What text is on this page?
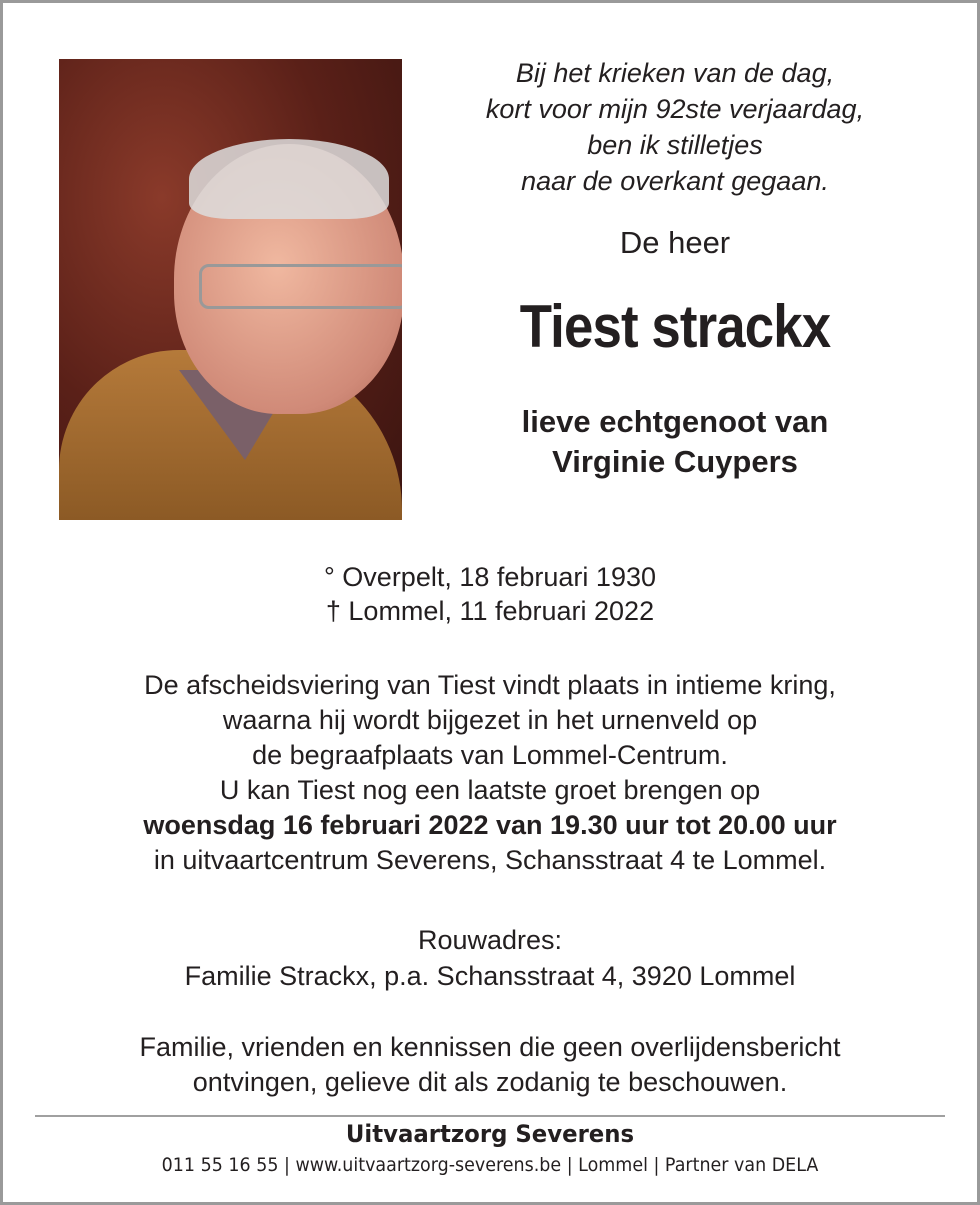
Bij het krieken van de dag,
kort voor mijn 92ste verjaardag,
ben ik stilletjes
naar de overkant gegaan.
De heer
Tiest strackx
lieve echtgenoot van
Virginie Cuypers
° Overpelt, 18 februari 1930
† Lommel, 11 februari 2022
De afscheidsviering van Tiest vindt plaats in intieme kring,
waarna hij wordt bijgezet in het urnenveld op
de begraafplaats van Lommel-Centrum.
U kan Tiest nog een laatste groet brengen op
woensdag 16 februari 2022 van 19.30 uur tot 20.00 uur
in uitvaartcentrum Severens, Schansstraat 4 te Lommel.
Rouwadres:
Familie Strackx, p.a. Schansstraat 4, 3920 Lommel
Familie, vrienden en kennissen die geen overlijdensbericht
ontvingen, gelieve dit als zodanig te beschouwen.
Uitvaartzorg Severens
011 55 16 55 | www.uitvaartzorg-severens.be | Lommel | Partner van DELA
